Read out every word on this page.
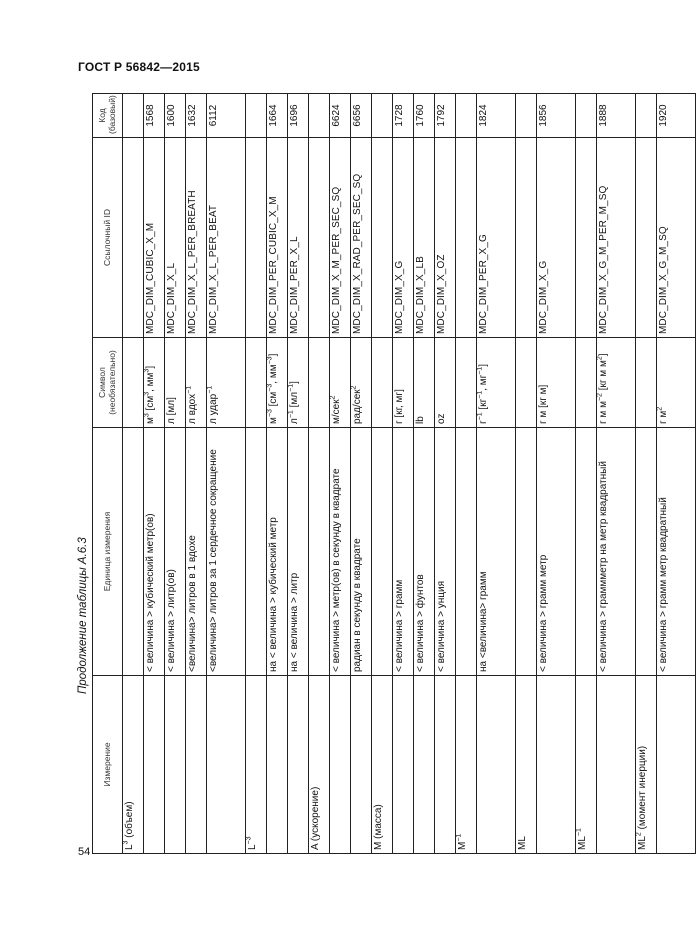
ГОСТ Р 56842—2015
54
Продолжение таблицы А.6.3
Измерение	Единица измерения	Символ (необязательно)	Ссылочный ID	Код (базовый)
$L^3$ (объем)				
	< величина > кубический метр(ов)	$м^3$ [$см^3$, $мм^3$]	MDC_DIM_CUBIC_X_M	1568
	< величина > литр(ов)	л [мл]	MDC_DIM_X_L	1600
	<величина> литров в 1 вдохе	л вдох$^{-1}$	MDC_DIM_X_L_PER_BREATH	1632
	<величина> литров за 1 сердечное сокращение	л удар$^{-1}$	MDC_DIM_X_L_PER_BEAT	6112
$L^{-3}$				
	на < величина > кубический метр	$м^{-3}$ [$см^{-3}$, $мм^{-3}$]	MDC_DIM_PER_CUBIC_X_M	1664
	на < величина > литр	$л^{-1}$ $[мл^{-1}]$	MDC_DIM_PER_X_L	1696
A (ускорение)				
	< величина > метр(ов) в секунду в квадрате	м/сек$^2$	MDC_DIM_X_M_PER_SEC_SQ	6624
	радиан в секунду в квадрате	рад/сек$^2$	MDC_DIM_X_RAD_PER_SEC_SQ	6656
M (масса)				
	< величина > грамм	г [кг, мг]	MDC_DIM_X_G	1728
	< величина > фунтов	lb	MDC_DIM_X_LB	1760
	< величина > унция	oz	MDC_DIM_X_OZ	1792
$M^{-1}$				
	на <величина> грамм	$г^{-1}$ [$кг^{-1}$, $мг^{-1}$]	MDC_DIM_PER_X_G	1824
ML				
	< величина > грамм метр	г м [кг м]	MDC_DIM_X_G	1856
$ML^{-1}$				
	< величина > граммметр на метр квадратный	г м $м^{-2}$ [кг м $м^2$]	MDC_DIM_X_G_M_PER_M_SQ	1888
$ML^2$ (момент инерции)				
	< величина > грамм метр квадратный	г $м^2$	MDC_DIM_X_G_M_SQ	1920
